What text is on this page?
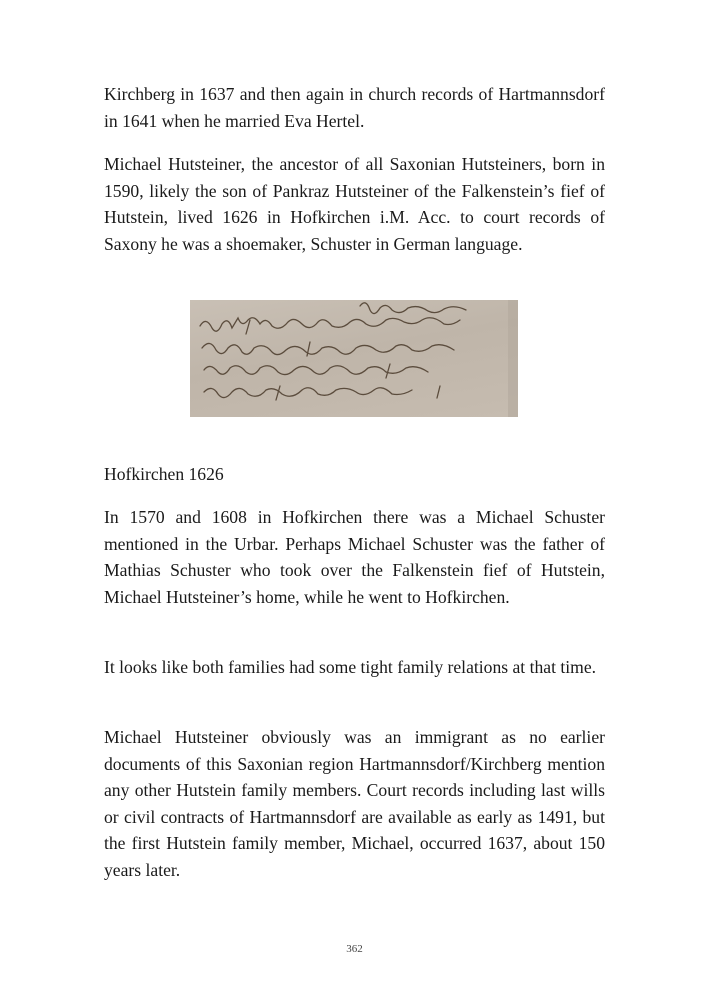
Kirchberg in 1637 and then again in church records of Hartmannsdorf in 1641 when he married Eva Hertel.

Michael Hutsteiner, the ancestor of all Saxonian Hutsteiners, born in 1590, likely the son of Pankraz Hutsteiner of the Falkenstein’s fief of Hutstein, lived 1626 in Hofkirchen i.M. Acc. to court records of Saxony he was a shoemaker, Schuster in German language.

Hofkirchen 1626

In 1570 and 1608 in Hofkirchen there was a Michael Schuster mentioned in the Urbar. Perhaps Michael Schuster was the father of Mathias Schuster who took over the Falkenstein fief of Hutstein, Michael Hutsteiner’s home, while he went to Hofkirchen.

It looks like both families had some tight family relations at that time.

Michael Hutsteiner obviously was an immigrant as no earlier documents of this Saxonian region Hartmannsdorf/Kirchberg mention any other Hutstein family members. Court records including last wills or civil contracts of Hartmannsdorf are available as early as 1491, but the first Hutstein family member, Michael, occurred 1637, about 150 years later.

362
